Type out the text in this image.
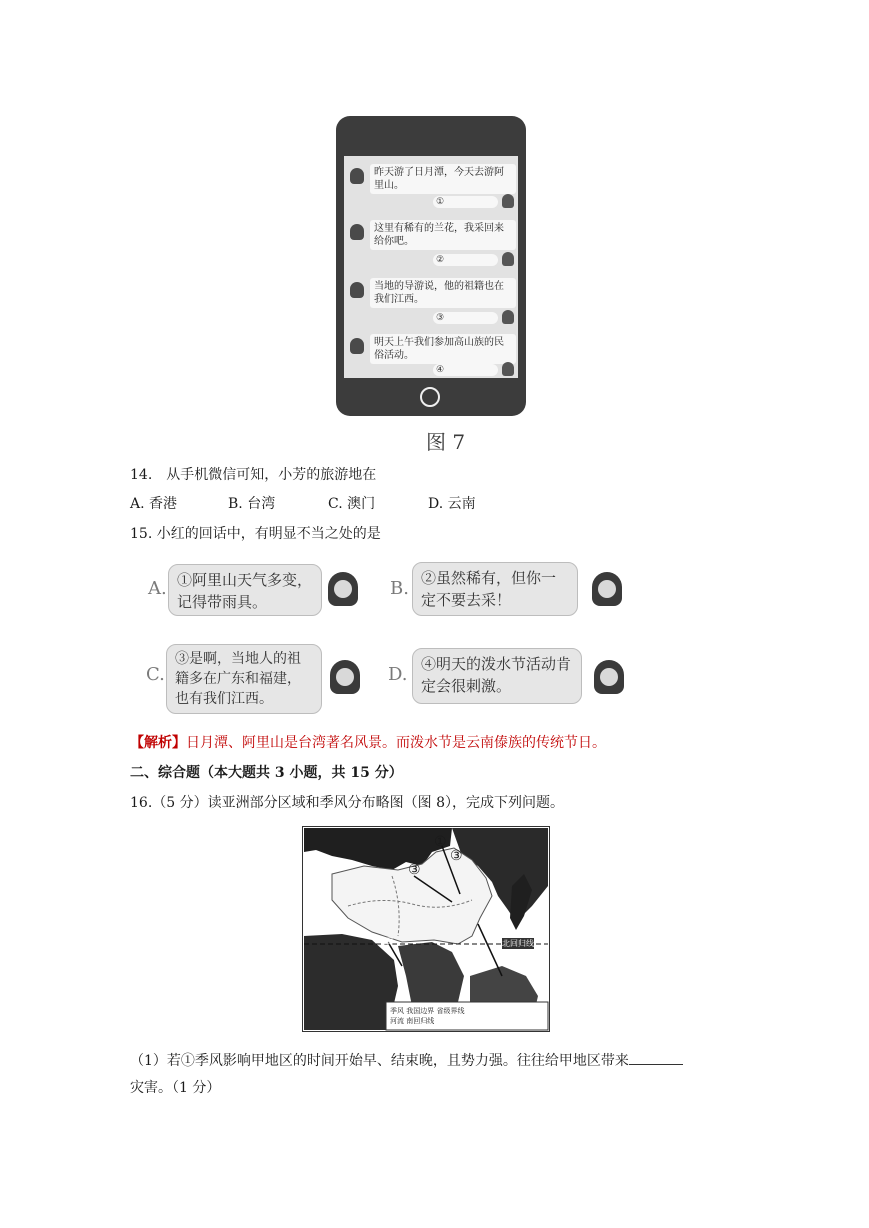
昨天游了日月潭，今天去游阿里山。
①
这里有稀有的兰花，我采回来给你吧。
②
当地的导游说，他的祖籍也在我们江西。
③
明天上午我们参加高山族的民俗活动。
④
图 7
14.　从手机微信可知，小芳的旅游地在
A. 香港	B. 台湾	C. 澳门	D. 云南
15. 小红的回话中，有明显不当之处的是
A. ①阿里山天气多变，记得带雨具。
B. ②虽然稀有，但你一定不要去采！
C.
③是啊，当地人的祖籍多在广东和福建，也有我们江西。
D. ④明天的泼水节活动肯定会很刺激。
【解析】日月潭、阿里山是台湾著名风景。而泼水节是云南傣族的传统节日。
二、综合题（本大题共 3 小题，共 15 分）
16.（5 分）读亚洲部分区域和季风分布略图（图 8），完成下列问题。
①
③
③
甲
②
北回归线
季风 我国边界 省级界线
河流 南回归线
（1）若①季风影响甲地区的时间开始早、结束晚，且势力强。往往给甲地区带来
灾害。（1 分）
